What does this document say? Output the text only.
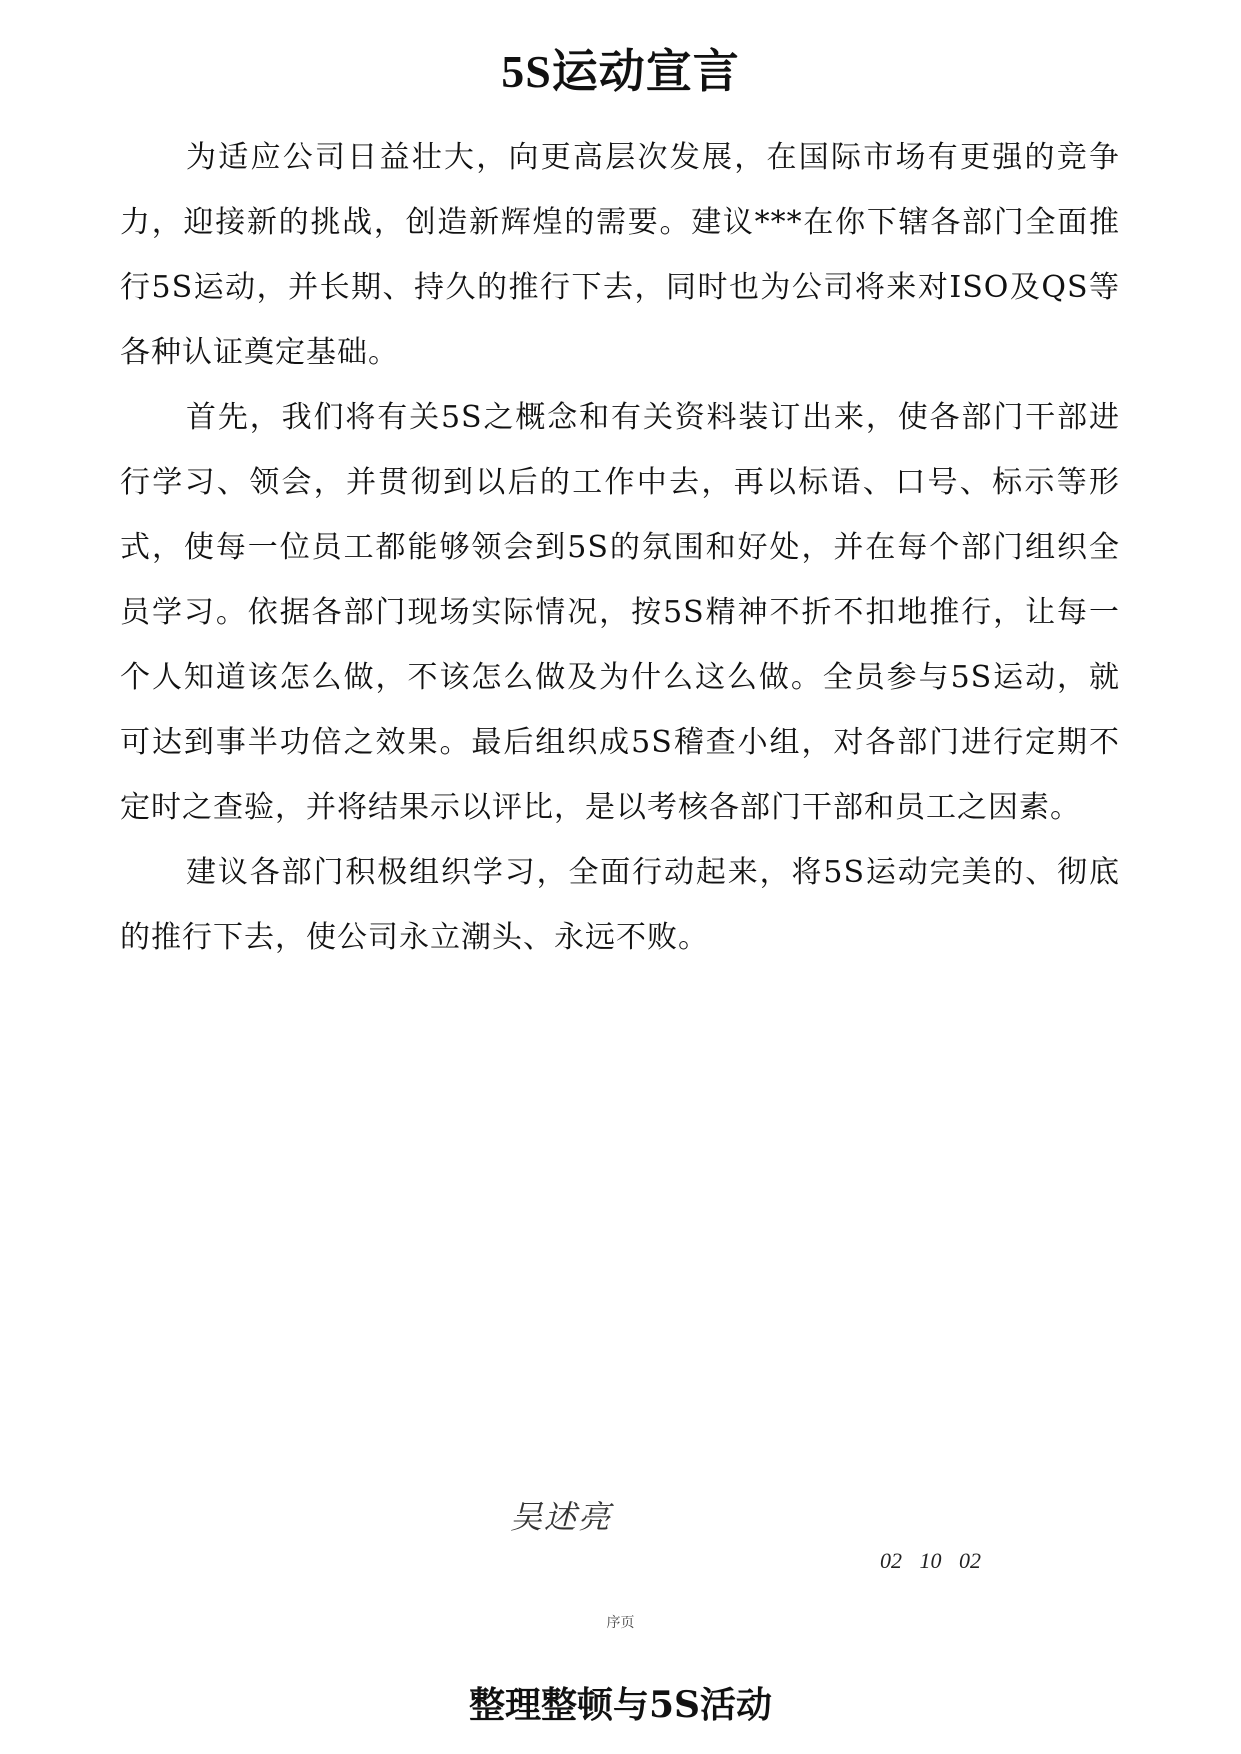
5S运动宣言

为适应公司日益壮大，向更高层次发展，在国际市场有更强的竞争力，迎接新的挑战，创造新辉煌的需要。建议***在你下辖各部门全面推行5S运动，并长期、持久的推行下去，同时也为公司将来对ISO及QS等各种认证奠定基础。

首先，我们将有关5S之概念和有关资料装订出来，使各部门干部进行学习、领会，并贯彻到以后的工作中去，再以标语、口号、标示等形式，使每一位员工都能够领会到5S的氛围和好处，并在每个部门组织全员学习。依据各部门现场实际情况，按5S精神不折不扣地推行，让每一个人知道该怎么做，不该怎么做及为什么这么做。全员参与5S运动，就可达到事半功倍之效果。最后组织成5S稽查小组，对各部门进行定期不定时之查验，并将结果示以评比，是以考核各部门干部和员工之因素。

建议各部门积极组织学习，全面行动起来，将5S运动完美的、彻底的推行下去，使公司永立潮头、永远不败。

吴述亮
02 10 02
序页
整理整顿与5S活动
